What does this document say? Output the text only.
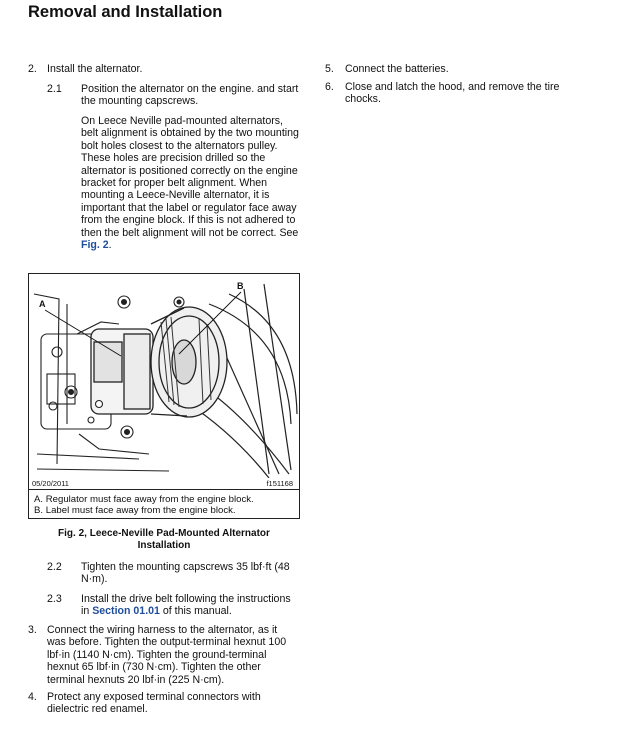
Removal and Installation
2. Install the alternator.
2.1 Position the alternator on the engine. and start the mounting capscrews.

On Leece Neville pad-mounted alternators, belt alignment is obtained by the two mounting bolt holes closest to the alternators pulley. These holes are precision drilled so the alternator is positioned correctly on the engine bracket for proper belt alignment. When mounting a Leece-Neville alternator, it is important that the label or regulator face away from the engine block. If this is not adhered to then the belt alignment will not be correct. See Fig. 2.

A
B
05/20/2011	f151168
A. Regulator must face away from the engine block.
B. Label must face away from the engine block.
Fig. 2, Leece-Neville Pad-Mounted Alternator
Installation
2.2 Tighten the mounting capscrews 35 lbf·ft (48 N·m).
2.3 Install the drive belt following the instructions in Section 01.01 of this manual.

3. Connect the wiring harness to the alternator, as it was before. Tighten the output-terminal hexnut 100 lbf·in (1140 N·cm). Tighten the ground-terminal hexnut 65 lbf·in (730 N·cm). Tighten the other terminal hexnuts 20 lbf·in (225 N·cm).
4. Protect any exposed terminal connectors with dielectric red enamel.
5. Connect the batteries.
6. Close and latch the hood, and remove the tire chocks.
